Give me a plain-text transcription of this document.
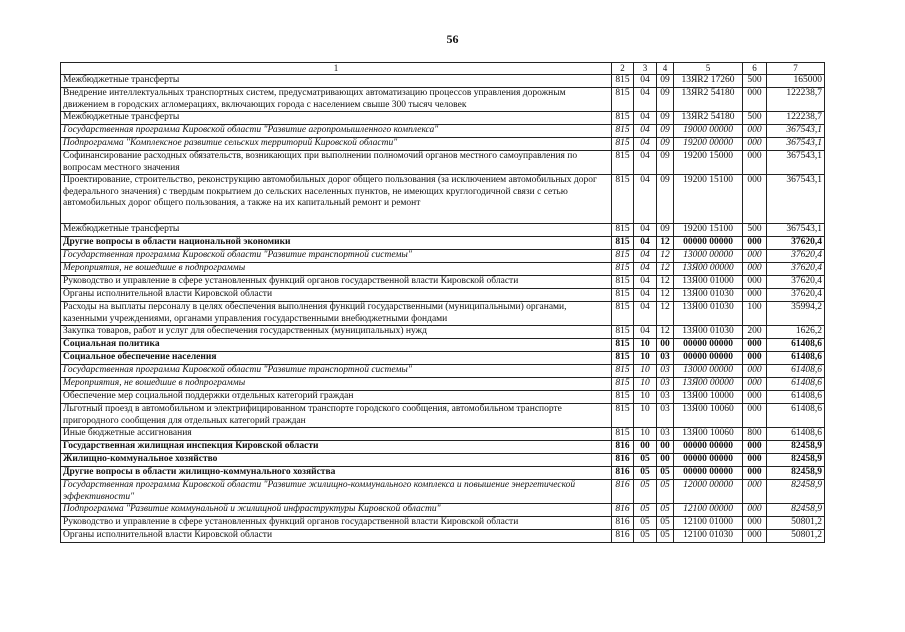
56
1	2	3	4	5	6	7
Межбюджетные трансферты	815	04	09	13ЯR2 17260	500	165000
Внедрение интеллектуальных транспортных систем, предусматривающих автоматизацию процессов управления дорожным движением в городских агломерациях, включающих города с населением свыше 300 тысяч человек	815	04	09	13ЯR2 54180	000	122238,7
Межбюджетные трансферты	815	04	09	13ЯR2 54180	500	122238,7
Государственная программа Кировской области "Развитие агропромышленного комплекса"	815	04	09	19000 00000	000	367543,1
Подпрограмма "Комплексное развитие сельских территорий Кировской области"	815	04	09	19200 00000	000	367543,1
Софинансирование расходных обязательств, возникающих при выполнении полномочий органов местного самоуправления по вопросам местного значения	815	04	09	19200 15000	000	367543,1
Проектирование, строительство, реконструкцию автомобильных дорог общего пользования (за исключением автомобильных дорог федерального значения) с твердым покрытием до сельских населенных пунктов, не имеющих круглогодичной связи с сетью автомобильных дорог общего пользования, а также на их капитальный ремонт и ремонт	815	04	09	19200 15100	000	367543,1
Межбюджетные трансферты	815	04	09	19200 15100	500	367543,1
Другие вопросы в области национальной экономики	815	04	12	00000 00000	000	37620,4
Государственная программа Кировской области "Развитие транспортной системы"	815	04	12	13000 00000	000	37620,4
Мероприятия, не вошедшие в подпрограммы	815	04	12	13Я00 00000	000	37620,4
Руководство и управление в сфере установленных функций органов государственной власти Кировской области	815	04	12	13Я00 01000	000	37620,4
Органы исполнительной власти Кировской области	815	04	12	13Я00 01030	000	37620,4
Расходы на выплаты персоналу в целях обеспечения выполнения функций государственными (муниципальными) органами, казенными учреждениями, органами управления государственными внебюджетными фондами	815	04	12	13Я00 01030	100	35994,2
Закупка товаров, работ и услуг для обеспечения государственных (муниципальных) нужд	815	04	12	13Я00 01030	200	1626,2
Социальная политика	815	10	00	00000 00000	000	61408,6
Социальное обеспечение населения	815	10	03	00000 00000	000	61408,6
Государственная программа Кировской области "Развитие транспортной системы"	815	10	03	13000 00000	000	61408,6
Мероприятия, не вошедшие в подпрограммы	815	10	03	13Я00 00000	000	61408,6
Обеспечение мер социальной поддержки отдельных категорий граждан	815	10	03	13Я00 10000	000	61408,6
Льготный проезд в автомобильном и электрифицированном транспорте городского сообщения, автомобильном транспорте пригородного сообщения для отдельных категорий граждан	815	10	03	13Я00 10060	000	61408,6
Иные бюджетные ассигнования	815	10	03	13Я00 10060	800	61408,6
Государственная жилищная инспекция Кировской области	816	00	00	00000 00000	000	82458,9
Жилищно-коммунальное хозяйство	816	05	00	00000 00000	000	82458,9
Другие вопросы в области жилищно-коммунального хозяйства	816	05	05	00000 00000	000	82458,9
Государственная программа Кировской области "Развитие жилищно-коммунального комплекса и повышение энергетической эффективности"	816	05	05	12000 00000	000	82458,9
Подпрограмма "Развитие коммунальной и жилищной инфраструктуры Кировской области"	816	05	05	12100 00000	000	82458,9
Руководство и управление в сфере установленных функций органов государственной власти Кировской области	816	05	05	12100 01000	000	50801,2
Органы исполнительной власти Кировской области	816	05	05	12100 01030	000	50801,2
